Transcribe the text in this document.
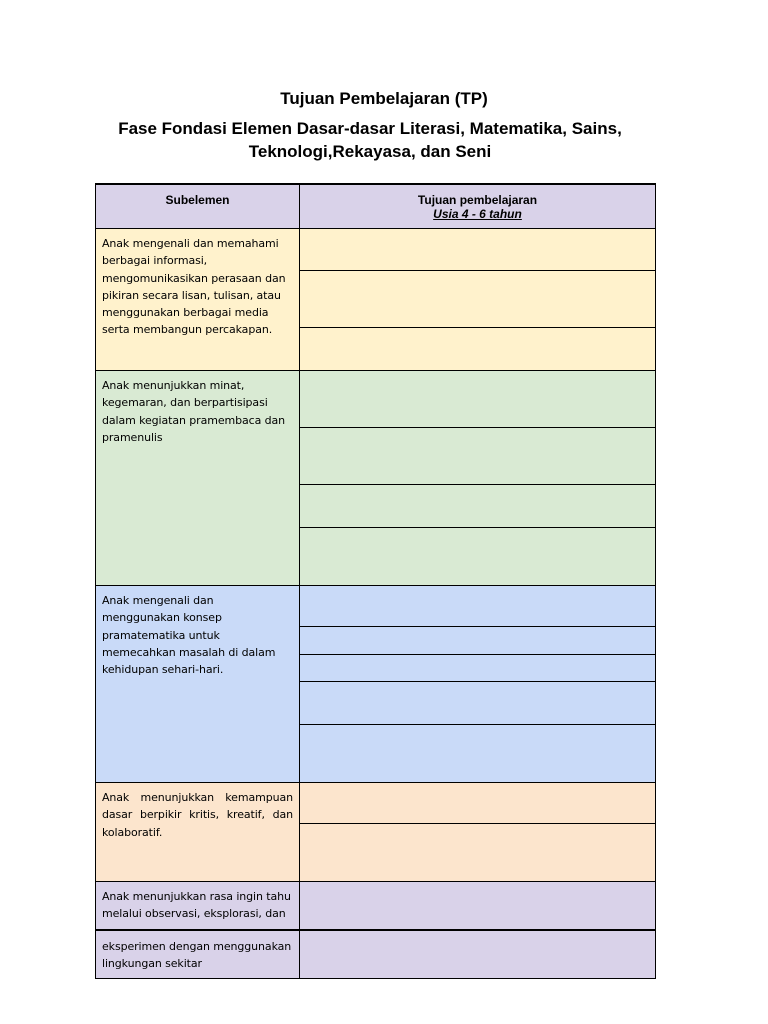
Tujuan Pembelajaran (TP)
Fase Fondasi Elemen Dasar-dasar Literasi, Matematika, Sains, Teknologi,Rekayasa, dan Seni
Subelemen	Tujuan pembelajaran
Usia 4 - 6 tahun

Anak mengenali dan memahami berbagai informasi, mengomunikasikan perasaan dan pikiran secara lisan, tulisan, atau menggunakan berbagai media serta membangun percakapan.	

Anak menunjukkan minat, kegemaran, dan berpartisipasi dalam kegiatan pramembaca dan pramenulis	

Anak mengenali dan menggunakan konsep pramatematika untuk memecahkan masalah di dalam kehidupan sehari-hari.	

Anak menunjukkan kemampuan dasar berpikir kritis, kreatif, dan kolaboratif.	

Anak menunjukkan rasa ingin tahu melalui observasi, eksplorasi, dan	

eksperimen dengan menggunakan lingkungan sekitar	
